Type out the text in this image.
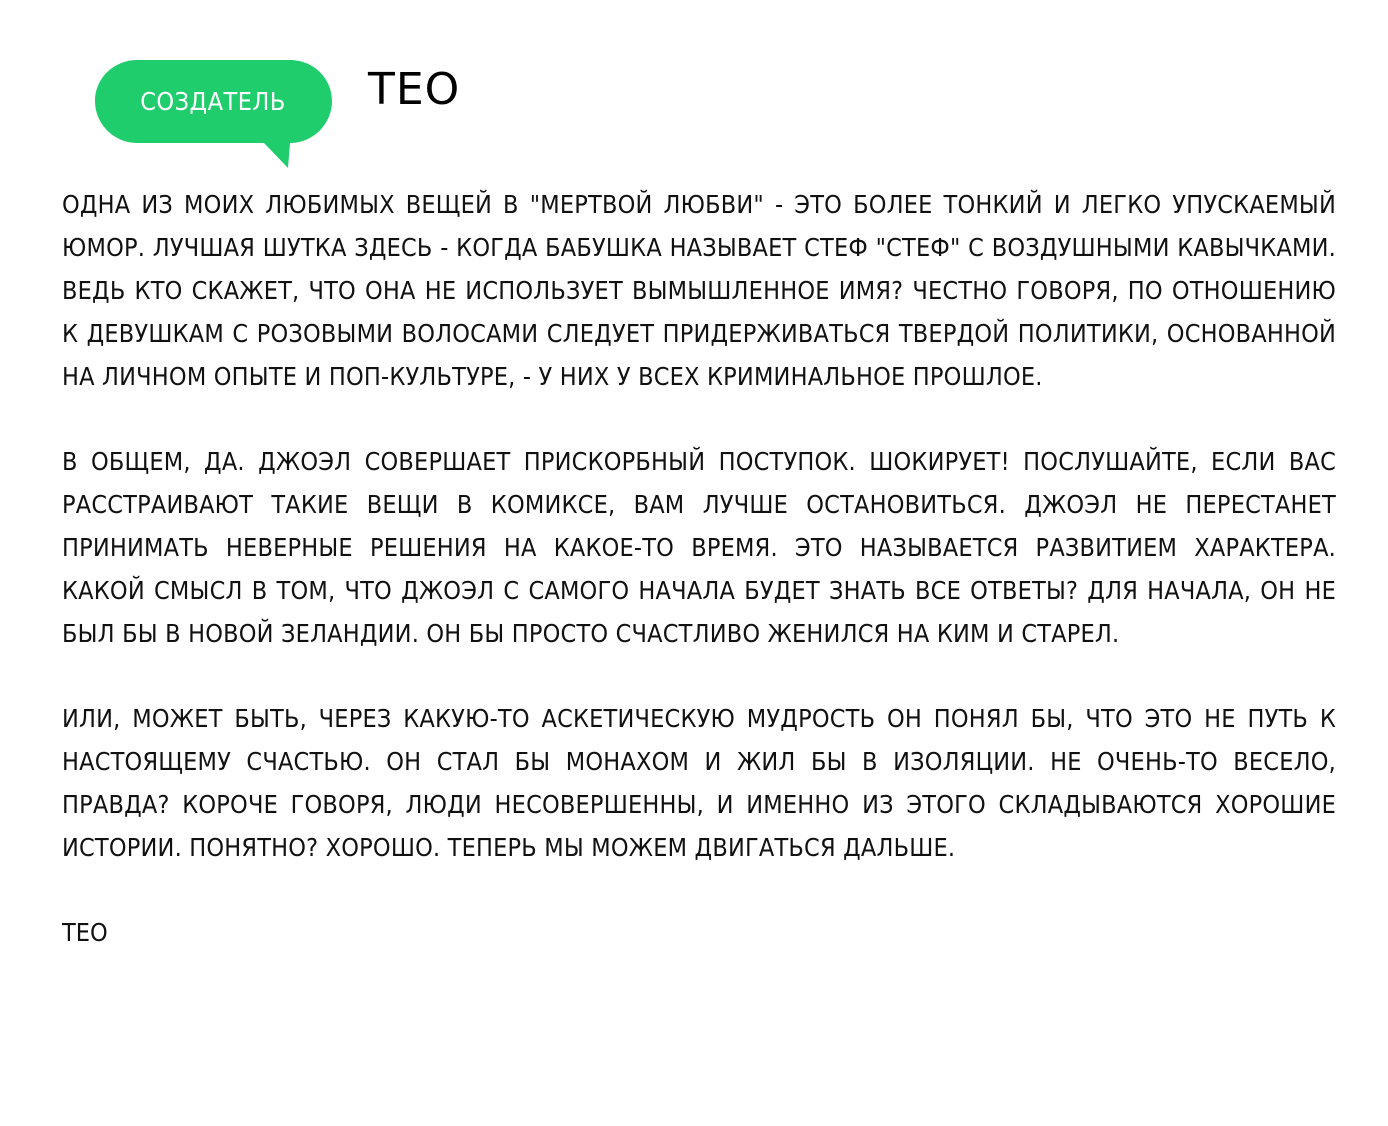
СОЗДАТЕЛЬ	ТЕО

ОДНА ИЗ МОИХ ЛЮБИМЫХ ВЕЩЕЙ В "МЕРТВОЙ ЛЮБВИ" - ЭТО БОЛЕЕ ТОНКИЙ И ЛЕГКО УПУСКАЕМЫЙ ЮМОР. ЛУЧШАЯ ШУТКА ЗДЕСЬ - КОГДА БАБУШКА НАЗЫВАЕТ СТЕФ "СТЕФ" С ВОЗДУШНЫМИ КАВЫЧКАМИ. ВЕДЬ КТО СКАЖЕТ, ЧТО ОНА НЕ ИСПОЛЬЗУЕТ ВЫМЫШЛЕННОЕ ИМЯ? ЧЕСТНО ГОВОРЯ, ПО ОТНОШЕНИЮ К ДЕВУШКАМ С РОЗОВЫМИ ВОЛОСАМИ СЛЕДУЕТ ПРИДЕРЖИВАТЬСЯ ТВЕРДОЙ ПОЛИТИКИ, ОСНОВАННОЙ НА ЛИЧНОМ ОПЫТЕ И ПОП-КУЛЬТУРЕ, - У НИХ У ВСЕХ КРИМИНАЛЬНОЕ ПРОШЛОЕ.

В ОБЩЕМ, ДА. ДЖОЭЛ СОВЕРШАЕТ ПРИСКОРБНЫЙ ПОСТУПОК. ШОКИРУЕТ! ПОСЛУШАЙТЕ, ЕСЛИ ВАС РАССТРАИВАЮТ ТАКИЕ ВЕЩИ В КОМИКСЕ, ВАМ ЛУЧШЕ ОСТАНОВИТЬСЯ. ДЖОЭЛ НЕ ПЕРЕСТАНЕТ ПРИНИМАТЬ НЕВЕРНЫЕ РЕШЕНИЯ НА КАКОЕ-ТО ВРЕМЯ. ЭТО НАЗЫВАЕТСЯ РАЗВИТИЕМ ХАРАКТЕРА. КАКОЙ СМЫСЛ В ТОМ, ЧТО ДЖОЭЛ С САМОГО НАЧАЛА БУДЕТ ЗНАТЬ ВСЕ ОТВЕТЫ? ДЛЯ НАЧАЛА, ОН НЕ БЫЛ БЫ В НОВОЙ ЗЕЛАНДИИ. ОН БЫ ПРОСТО СЧАСТЛИВО ЖЕНИЛСЯ НА КИМ И СТАРЕЛ.

ИЛИ, МОЖЕТ БЫТЬ, ЧЕРЕЗ КАКУЮ-ТО АСКЕТИЧЕСКУЮ МУДРОСТЬ ОН ПОНЯЛ БЫ, ЧТО ЭТО НЕ ПУТЬ К НАСТОЯЩЕМУ СЧАСТЬЮ. ОН СТАЛ БЫ МОНАХОМ И ЖИЛ БЫ В ИЗОЛЯЦИИ. НЕ ОЧЕНЬ-ТО ВЕСЕЛО, ПРАВДА? КОРОЧЕ ГОВОРЯ, ЛЮДИ НЕСОВЕРШЕННЫ, И ИМЕННО ИЗ ЭТОГО СКЛАДЫВАЮТСЯ ХОРОШИЕ ИСТОРИИ. ПОНЯТНО? ХОРОШО. ТЕПЕРЬ МЫ МОЖЕМ ДВИГАТЬСЯ ДАЛЬШЕ.

ТЕО
